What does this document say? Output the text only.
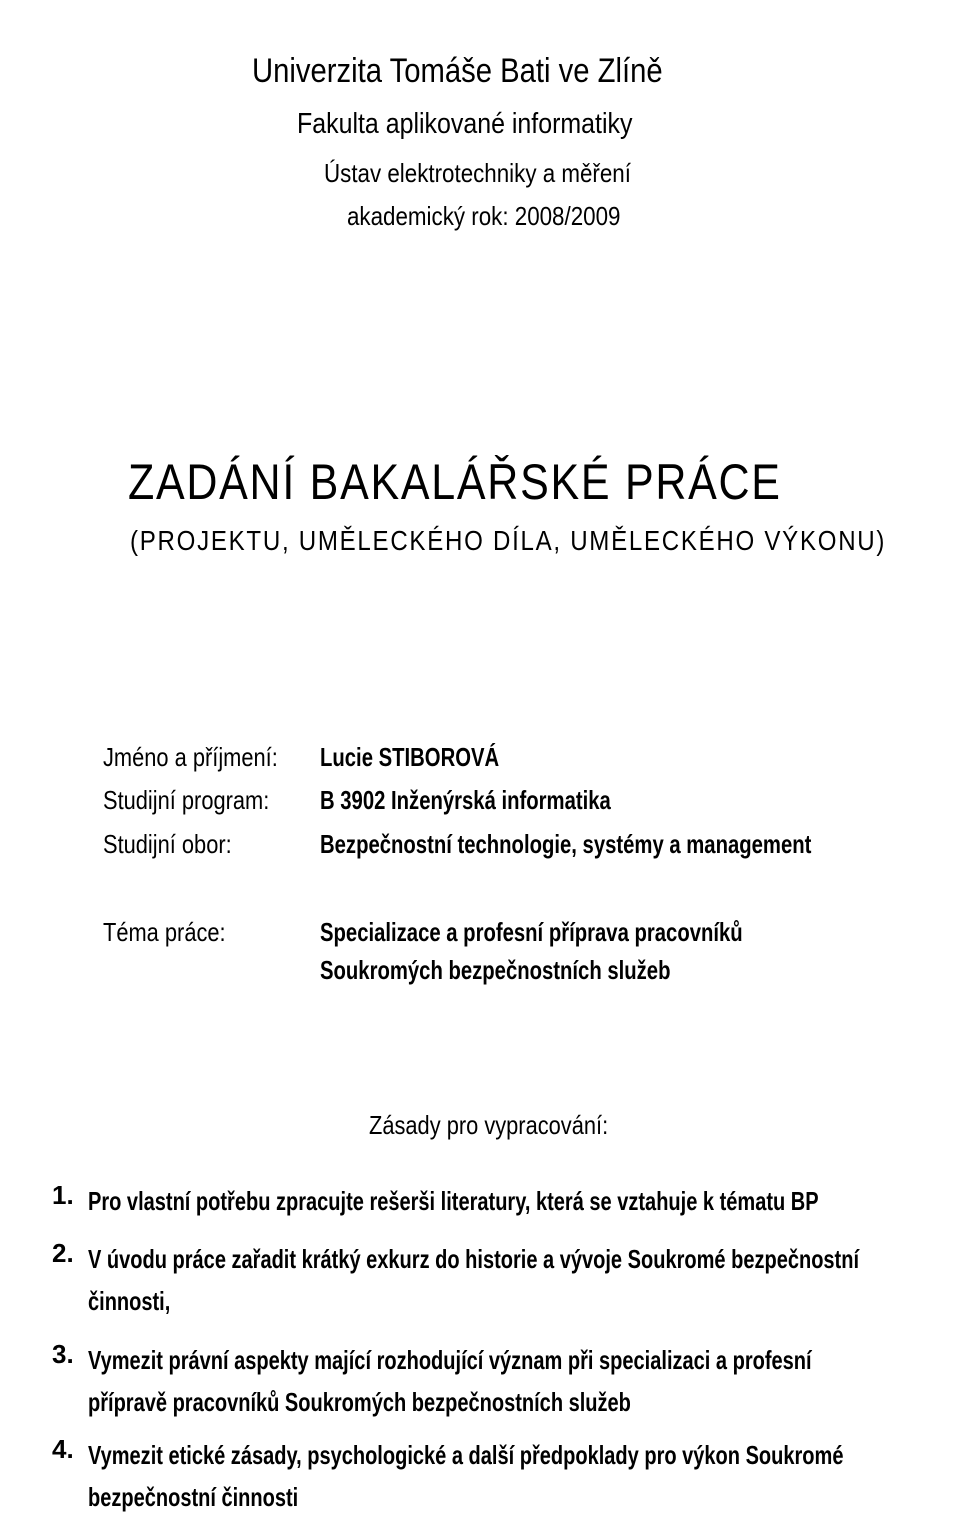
Univerzita Tomáše Bati ve Zlíně
Fakulta aplikované informatiky
Ústav elektrotechniky a měření
akademický rok: 2008/2009
ZADÁNÍ BAKALÁŘSKÉ PRÁCE
(PROJEKTU, UMĚLECKÉHO DÍLA, UMĚLECKÉHO VÝKONU)
Jméno a příjmení: Lucie STIBOROVÁ
Studijní program: B 3902 Inženýrská informatika
Studijní obor:	Bezpečnostní technologie, systémy a management
Téma práce:	Specializace a profesní příprava pracovníků
Soukromých bezpečnostních služeb
Zásady pro vypracování:
1. Pro vlastní potřebu zpracujte rešerši literatury, která se vztahuje k tématu BP
2. V úvodu práce zařadit krátký exkurz do historie a vývoje Soukromé bezpečnostní
činnosti,
3. Vymezit právní aspekty mající rozhodující význam při specializaci a profesní
přípravě pracovníků Soukromých bezpečnostních služeb
4. Vymezit etické zásady, psychologické a další předpoklady pro výkon Soukromé
bezpečnostní činnosti
